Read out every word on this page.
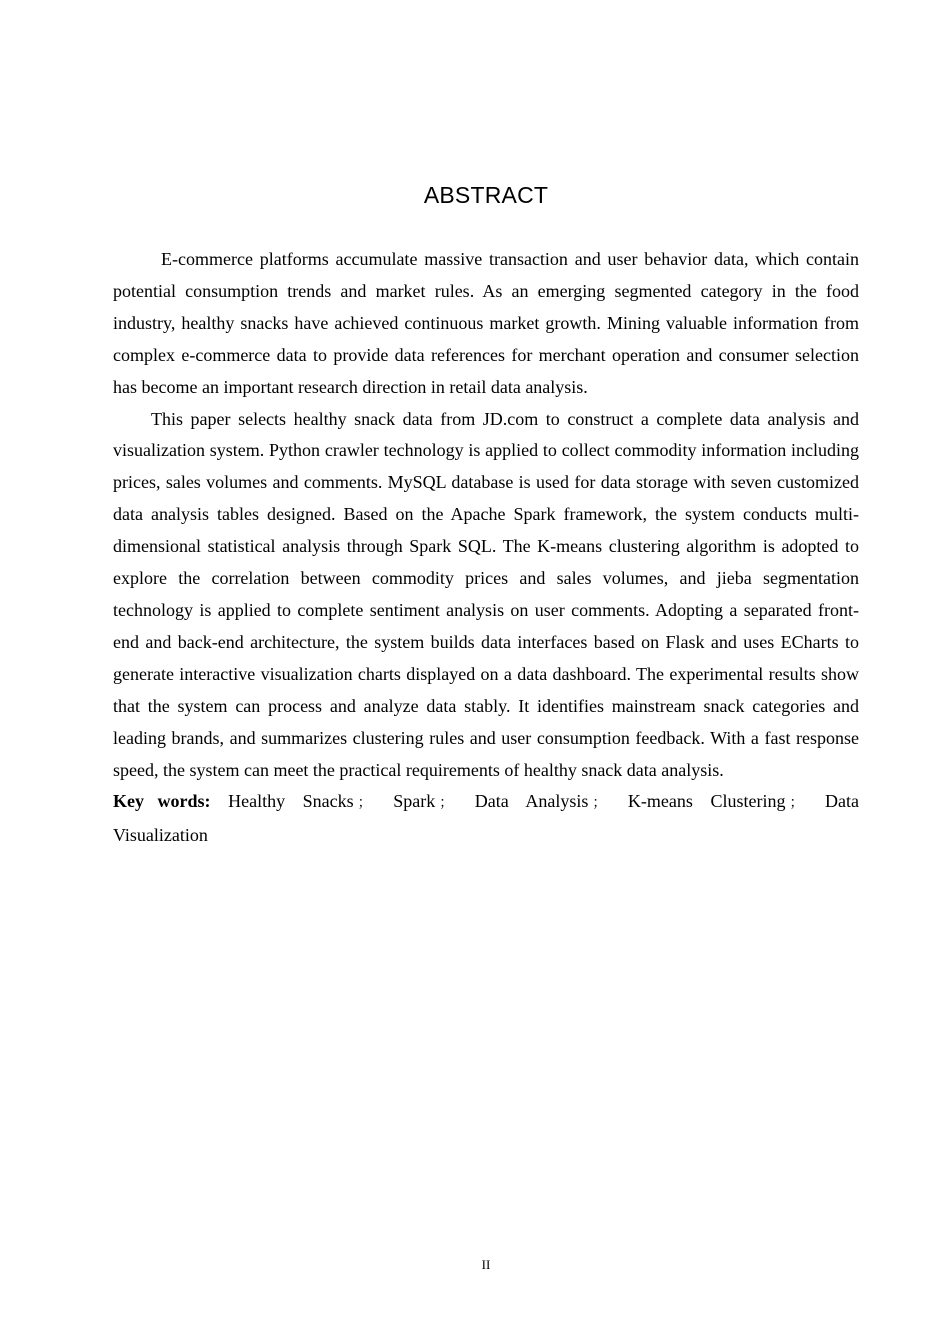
ABSTRACT

E-commerce platforms accumulate massive transaction and user behavior data, which contain potential consumption trends and market rules. As an emerging segmented category in the food industry, healthy snacks have achieved continuous market growth. Mining valuable information from complex e-commerce data to provide data references for merchant operation and consumer selection has become an important research direction in retail data analysis.

This paper selects healthy snack data from JD.com to construct a complete data analysis and visualization system. Python crawler technology is applied to collect commodity information including prices, sales volumes and comments. MySQL database is used for data storage with seven customized data analysis tables designed. Based on the Apache Spark framework, the system conducts multi-dimensional statistical analysis through Spark SQL. The K-means clustering algorithm is adopted to explore the correlation between commodity prices and sales volumes, and jieba segmentation technology is applied to complete sentiment analysis on user comments. Adopting a separated front-end and back-end architecture, the system builds data interfaces based on Flask and uses ECharts to generate interactive visualization charts displayed on a data dashboard. The experimental results show that the system can process and analyze data stably. It identifies mainstream snack categories and leading brands, and summarizes clustering rules and user consumption feedback. With a fast response speed, the system can meet the practical requirements of healthy snack data analysis.

Key words: Healthy Snacks ； Spark ； Data Analysis ； K-means Clustering ； Data Visualization

II
